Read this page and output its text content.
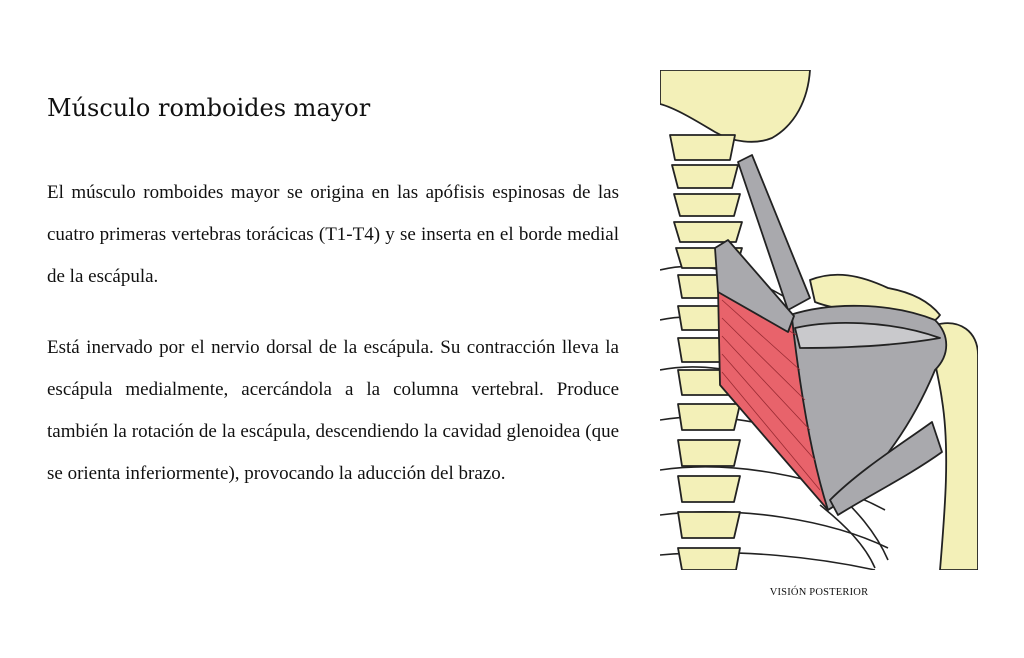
Músculo romboides mayor

El músculo romboides mayor se origina en las apófisis espinosas de las cuatro primeras vertebras torácicas (T1-T4) y se inserta en el borde medial de la escápula.

Está inervado por el nervio dorsal de la escápula. Su contracción lleva la escápula medialmente, acercándola a la columna vertebral. Produce también la rotación de la escápula, descendiendo la cavidad glenoidea (que se orienta inferiormente), provocando la aducción del brazo.

VISIÓN POSTERIOR
